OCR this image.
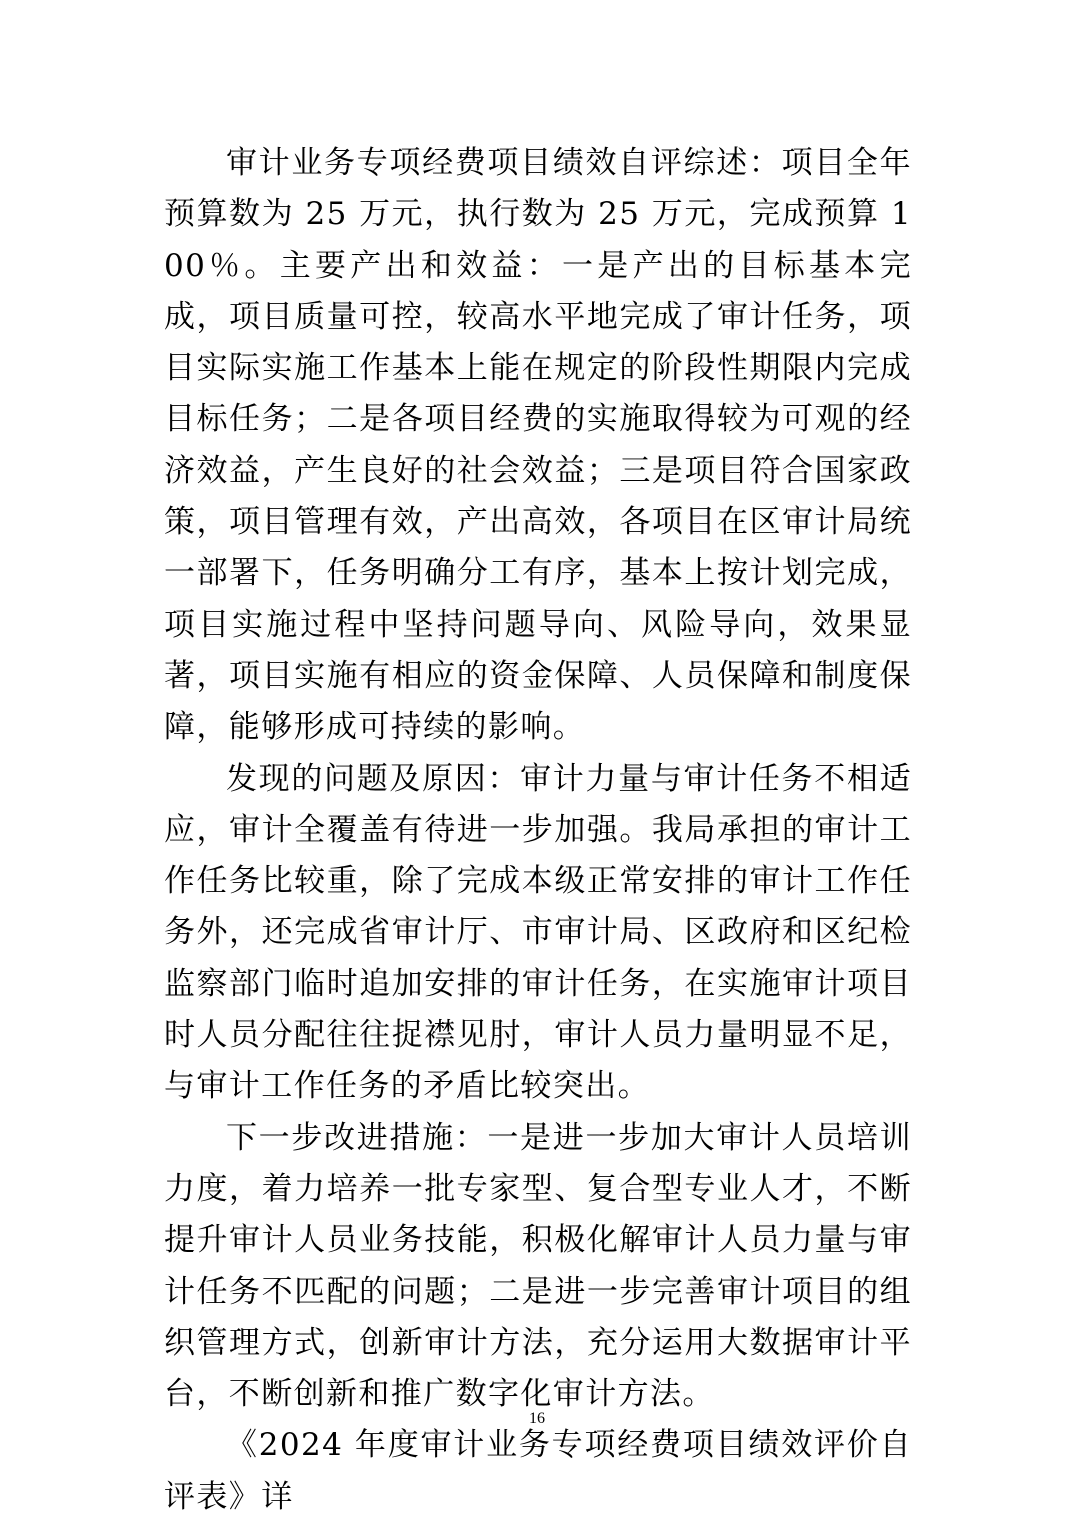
审计业务专项经费项目绩效自评综述：项目全年预算数为 25 万元，执行数为 25 万元，完成预算 100％。主要产出和效益：一是产出的目标基本完成，项目质量可控，较高水平地完成了审计任务，项目实际实施工作基本上能在规定的阶段性期限内完成目标任务；二是各项目经费的实施取得较为可观的经济效益，产生良好的社会效益；三是项目符合国家政策，项目管理有效，产出高效，各项目在区审计局统一部署下，任务明确分工有序，基本上按计划完成，项目实施过程中坚持问题导向、风险导向，效果显著，项目实施有相应的资金保障、人员保障和制度保障，能够形成可持续的影响。

发现的问题及原因：审计力量与审计任务不相适应，审计全覆盖有待进一步加强。我局承担的审计工作任务比较重，除了完成本级正常安排的审计工作任务外，还完成省审计厅、市审计局、区政府和区纪检监察部门临时追加安排的审计任务，在实施审计项目时人员分配往往捉襟见肘，审计人员力量明显不足，与审计工作任务的矛盾比较突出。

下一步改进措施：一是进一步加大审计人员培训力度，着力培养一批专家型、复合型专业人才，不断提升审计人员业务技能，积极化解审计人员力量与审计任务不匹配的问题；二是进一步完善审计项目的组织管理方式，创新审计方法，充分运用大数据审计平台，不断创新和推广数字化审计方法。

《2024 年度审计业务专项经费项目绩效评价自评表》详

16
